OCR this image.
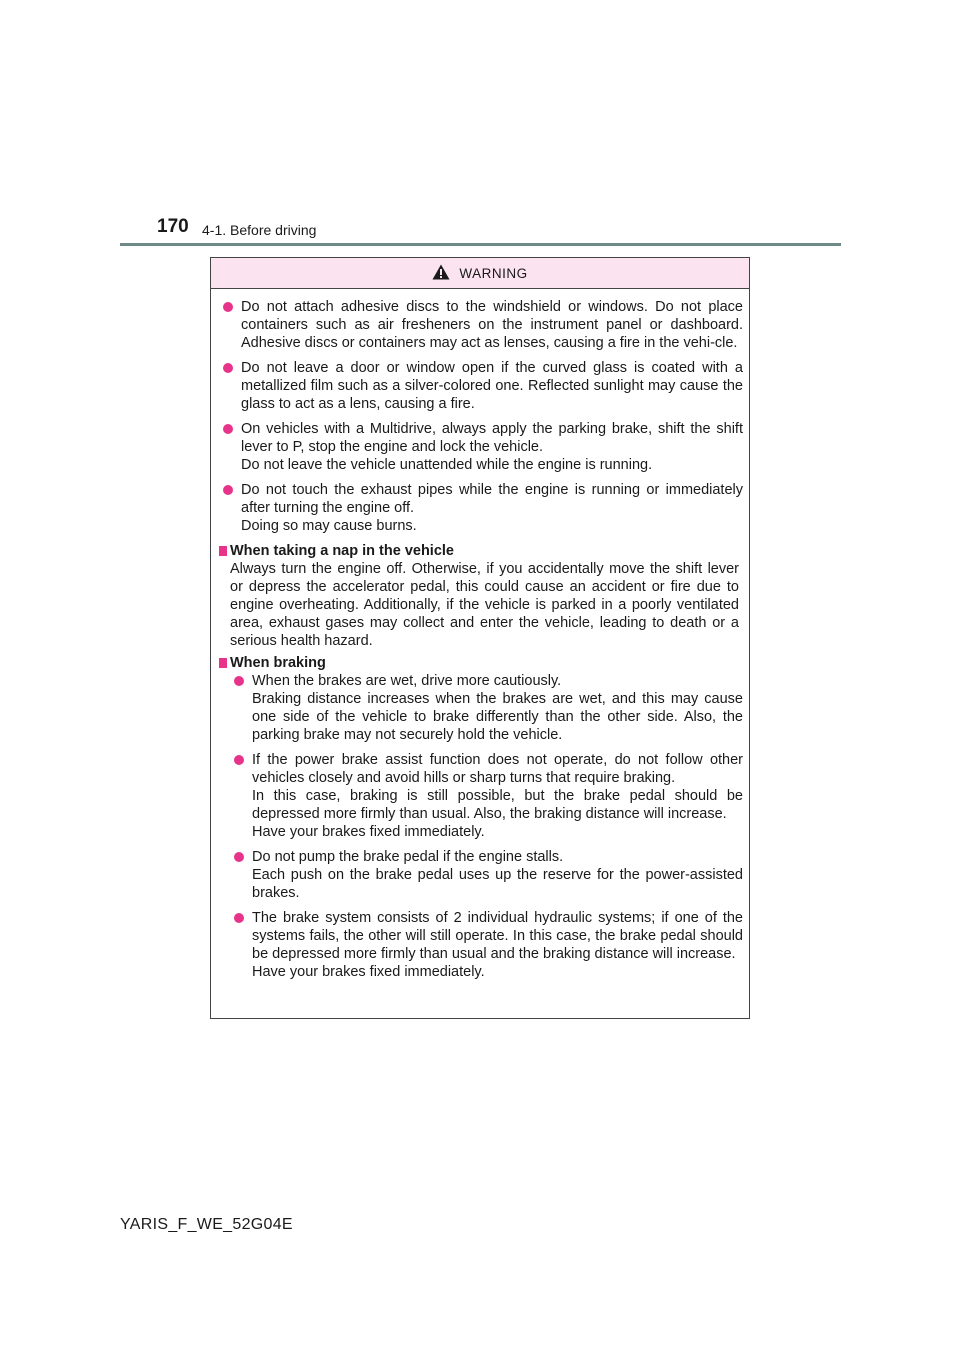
170 4-1. Before driving
WARNING
Do not attach adhesive discs to the windshield or windows. Do not place containers such as air fresheners on the instrument panel or dashboard. Adhesive discs or containers may act as lenses, causing a fire in the vehi-cle.
Do not leave a door or window open if the curved glass is coated with a metallized film such as a silver-colored one. Reflected sunlight may cause the glass to act as a lens, causing a fire.
On vehicles with a Multidrive, always apply the parking brake, shift the shift lever to P, stop the engine and lock the vehicle.
Do not leave the vehicle unattended while the engine is running.
Do not touch the exhaust pipes while the engine is running or immediately after turning the engine off.
Doing so may cause burns.
When taking a nap in the vehicle
Always turn the engine off. Otherwise, if you accidentally move the shift lever or depress the accelerator pedal, this could cause an accident or fire due to engine overheating. Additionally, if the vehicle is parked in a poorly ventilated area, exhaust gases may collect and enter the vehicle, leading to death or a serious health hazard.
When braking
When the brakes are wet, drive more cautiously.
Braking distance increases when the brakes are wet, and this may cause one side of the vehicle to brake differently than the other side. Also, the parking brake may not securely hold the vehicle.
If the power brake assist function does not operate, do not follow other vehicles closely and avoid hills or sharp turns that require braking.
In this case, braking is still possible, but the brake pedal should be depressed more firmly than usual. Also, the braking distance will increase.
Have your brakes fixed immediately.
Do not pump the brake pedal if the engine stalls.
Each push on the brake pedal uses up the reserve for the power-assisted brakes.
The brake system consists of 2 individual hydraulic systems; if one of the systems fails, the other will still operate. In this case, the brake pedal should be depressed more firmly than usual and the braking distance will increase.
Have your brakes fixed immediately.
YARIS_F_WE_52G04E
